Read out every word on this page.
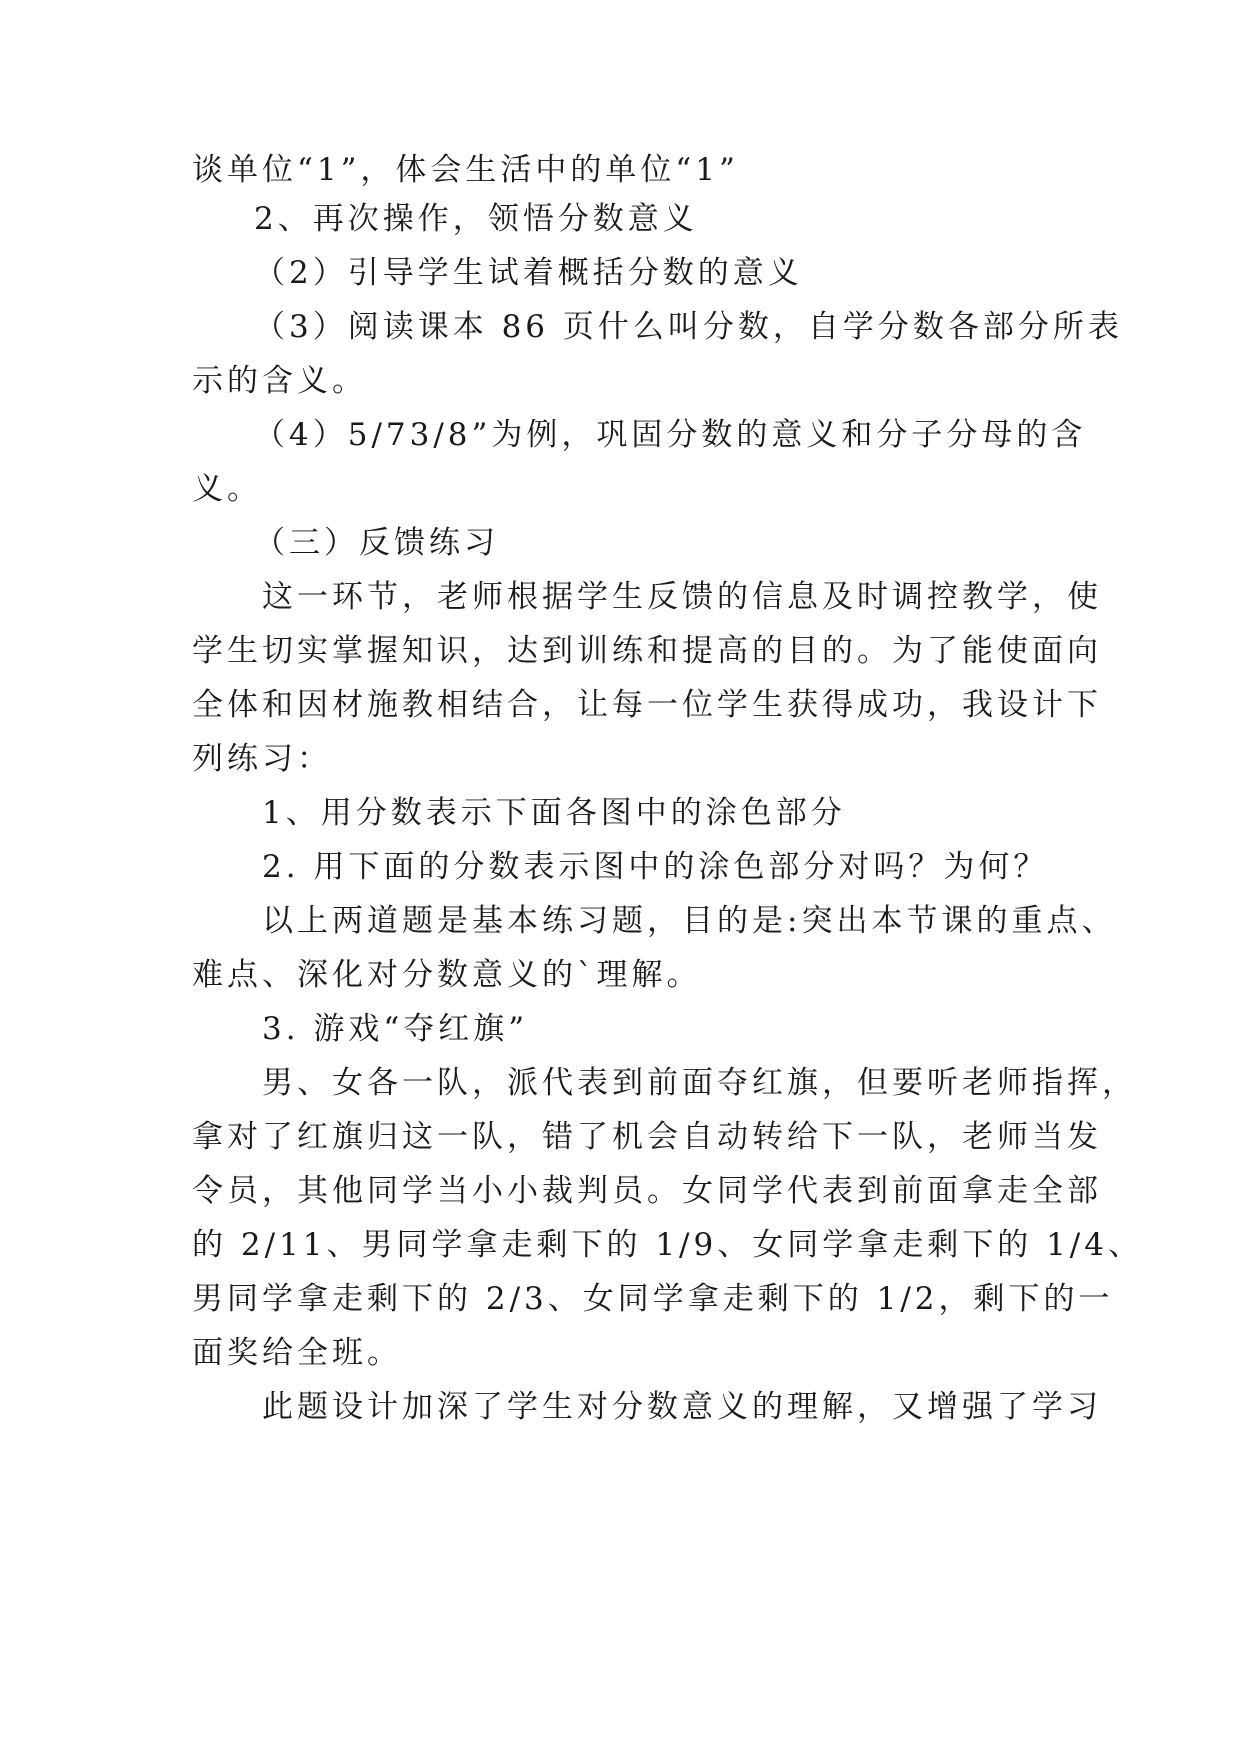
谈单位“1”，体会生活中的单位“1”
2、再次操作，领悟分数意义
（2）引导学生试着概括分数的意义
（3）阅读课本 86 页什么叫分数，自学分数各部分所表
示的含义。
（4）5/73/8”为例，巩固分数的意义和分子分母的含
义。
（三）反馈练习
这一环节，老师根据学生反馈的信息及时调控教学，使
学生切实掌握知识，达到训练和提高的目的。为了能使面向
全体和因材施教相结合，让每一位学生获得成功，我设计下
列练习：
1、用分数表示下面各图中的涂色部分
2. 用下面的分数表示图中的涂色部分对吗？为何？
以上两道题是基本练习题，目的是:突出本节课的重点、
难点、深化对分数意义的`理解。
3. 游戏“夺红旗”
男、女各一队，派代表到前面夺红旗，但要听老师指挥，
拿对了红旗归这一队，错了机会自动转给下一队，老师当发
令员，其他同学当小小裁判员。女同学代表到前面拿走全部
的 2/11、男同学拿走剩下的 1/9、女同学拿走剩下的 1/4、
男同学拿走剩下的 2/3、女同学拿走剩下的 1/2，剩下的一
面奖给全班。
此题设计加深了学生对分数意义的理解，又增强了学习
